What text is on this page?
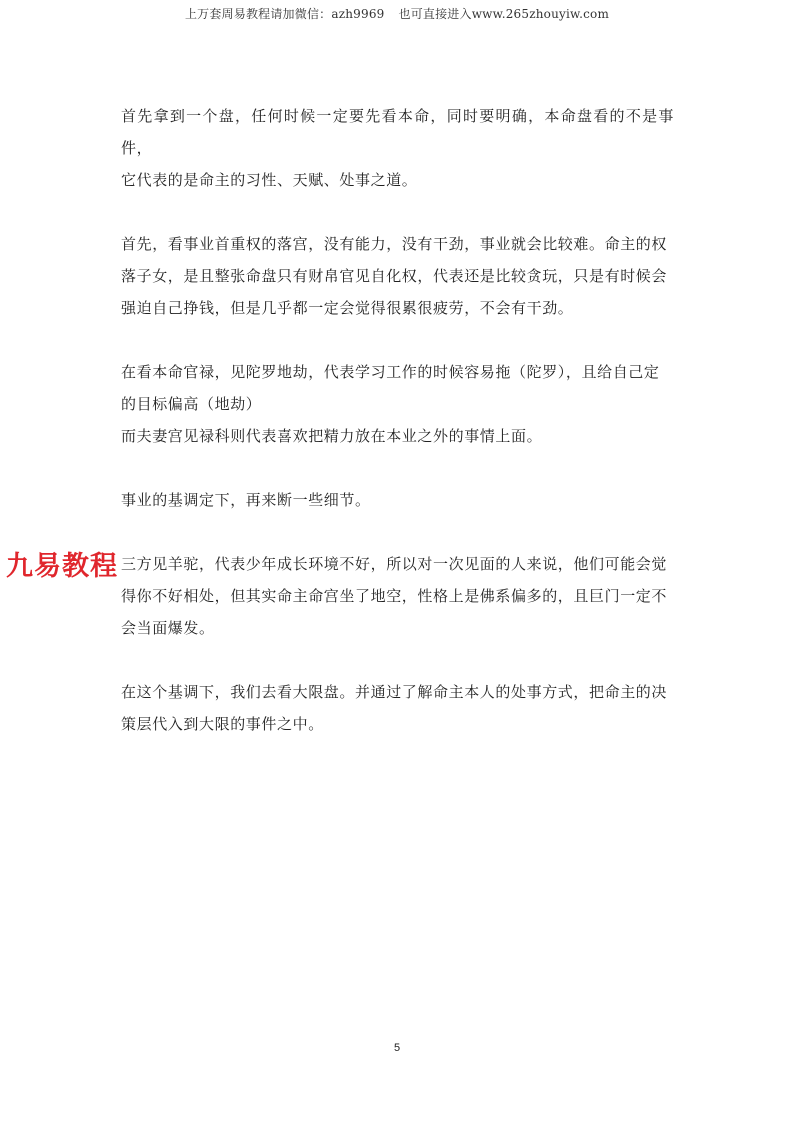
上万套周易教程请加微信：azh9969 也可直接进入www.265zhouyiw.com
首先拿到一个盘，任何时候一定要先看本命，同时要明确，本命盘看的不是事件，
它代表的是命主的习性、天赋、处事之道。
首先，看事业首重权的落宫，没有能力，没有干劲，事业就会比较难。命主的权
落子女，是且整张命盘只有财帛官见自化权，代表还是比较贪玩，只是有时候会
强迫自己挣钱，但是几乎都一定会觉得很累很疲劳，不会有干劲。
在看本命官禄，见陀罗地劫，代表学习工作的时候容易拖（陀罗），且给自己定
的目标偏高（地劫）
而夫妻宫见禄科则代表喜欢把精力放在本业之外的事情上面。
事业的基调定下，再来断一些细节。
三方见羊驼，代表少年成长环境不好，所以对一次见面的人来说，他们可能会觉
得你不好相处，但其实命主命宫坐了地空，性格上是佛系偏多的，且巨门一定不
会当面爆发。
在这个基调下，我们去看大限盘。并通过了解命主本人的处事方式，把命主的决
策层代入到大限的事件之中。
九易教程
5
